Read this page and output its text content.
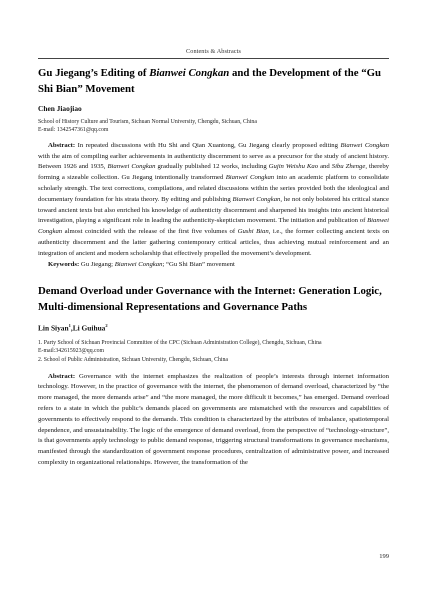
Contents & Abstracts
Gu Jiegang’s Editing of Bianwei Congkan and the Development of the “Gu Shi Bian” Movement
Chen Jiaojiao
School of History Culture and Tourism, Sichuan Normal University, Chengdu, Sichuan, China
E-mail: 1342547361@qq.com
Abstract: In repeated discussions with Hu Shi and Qian Xuantong, Gu Jiegang clearly proposed editing Bianwei Congkan with the aim of compiling earlier achievements in authenticity discernment to serve as a precursor for the study of ancient history. Between 1926 and 1935, Bianwei Congkan gradually published 12 works, including Gujin Weishu Kao and Sibu Zhenge, thereby forming a sizeable collection. Gu Jiegang intentionally transformed Bianwei Congkan into an academic platform to consolidate scholarly strength. The text corrections, compilations, and related discussions within the series provided both the ideological and documentary foundation for his strata theory. By editing and publishing Bianwei Congkan, he not only bolstered his critical stance toward ancient texts but also enriched his knowledge of authenticity discernment and sharpened his insights into ancient historical investigation, playing a significant role in leading the authenticity-skepticism movement. The initiation and publication of Bianwei Congkan almost coincided with the release of the first five volumes of Gushi Bian, i.e., the former collecting ancient texts on authenticity discernment and the latter gathering contemporary critical articles, thus achieving mutual reinforcement and an integration of ancient and modern scholarship that effectively propelled the movement’s development.
Keywords: Gu Jiegang; Bianwei Congkan; “Gu Shi Bian” movement
Demand Overload under Governance with the Internet: Generation Logic, Multi-dimensional Representations and Governance Paths
Lin Siyan$^1$,Li Guihua$^2$
1. Party School of Sichuan Provincial Committee of the CPC (Sichuan Administration College), Chengdu, Sichuan, China
E-mail:342615923@qq.com
2. School of Public Administration, Sichuan University, Chengdu, Sichuan, China
Abstract: Governance with the internet emphasizes the realization of people’s interests through internet information technology. However, in the practice of governance with the internet, the phenomenon of demand overload, characterized by “the more managed, the more demands arise” and “the more managed, the more difficult it becomes,” has emerged. Demand overload refers to a state in which the public’s demands placed on governments are mismatched with the resources and capabilities of governments to effectively respond to the demands. This condition is characterized by the attributes of imbalance, spatiotemporal dependence, and unsustainability. The logic of the emergence of demand overload, from the perspective of “technology-structure”, is that governments apply technology to public demand response, triggering structural transformations in governance mechanisms, manifested through the standardization of government response procedures, centralization of administrative power, and increased complexity in organizational relationships. However, the transformation of the
199
